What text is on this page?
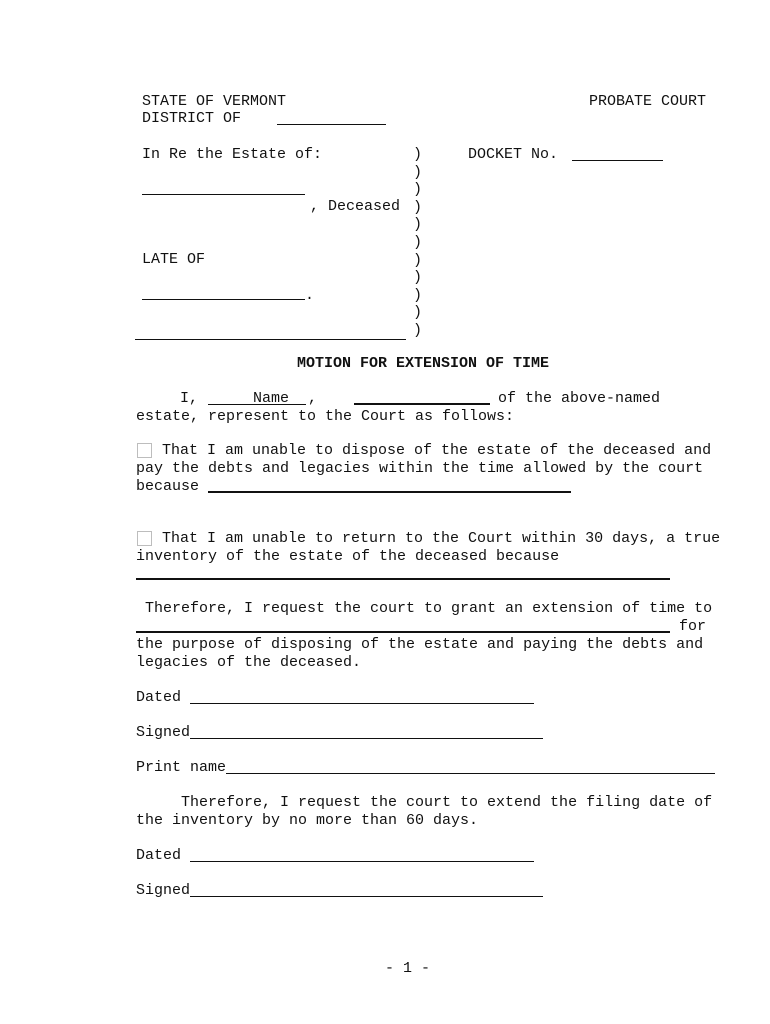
STATE OF VERMONT	PROBATE COURT
DISTRICT OF
In Re the Estate of:
, Deceased
LATE OF
.
)
)
)
)
)
)
)
)
)
)
)
DOCKET No.
MOTION FOR EXTENSION OF TIME
I,	Name ,	of the above-named
estate, represent to the Court as follows:
That I am unable to dispose of the estate of the deceased and
pay the debts and legacies within the time allowed by the court
because
That I am unable to return to the Court within 30 days, a true
inventory of the estate of the deceased because
Therefore, I request the court to grant an extension of time to
for
the purpose of disposing of the estate and paying the debts and
legacies of the deceased.
Dated
Signed
Print name
Therefore, I request the court to extend the filing date of
the inventory by no more than 60 days.
Dated
Signed
- 1 -
